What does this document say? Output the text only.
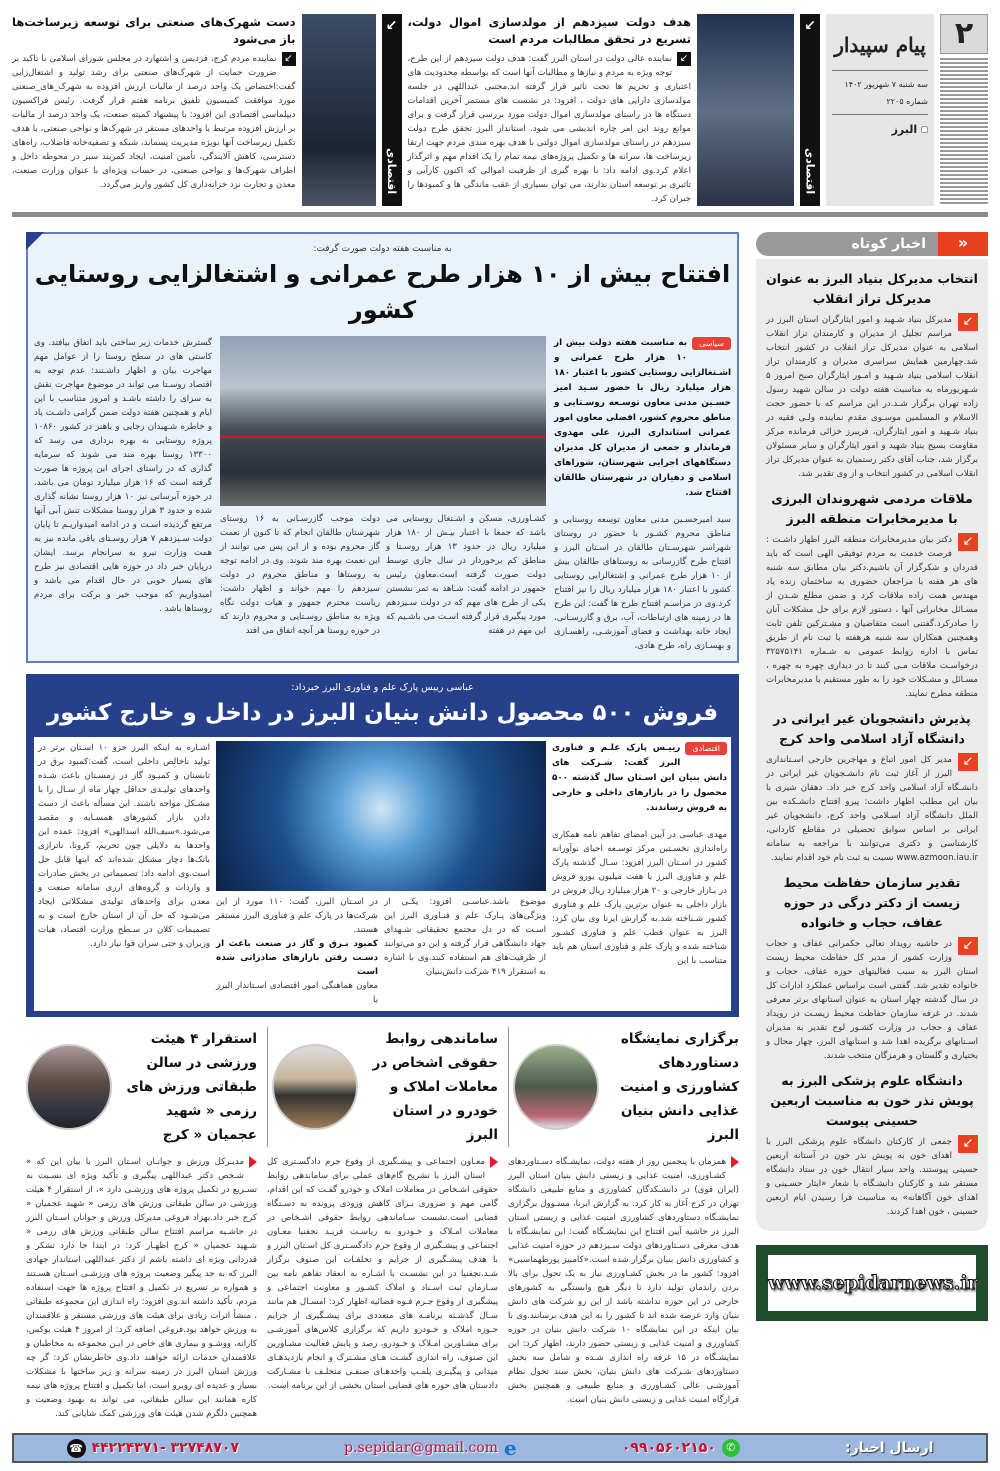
۲
پیام سپیدار
سه شنبه ۷ شهریور ۱۴۰۲
شماره ۲۲۰۵
البرز
↙
اقتصادی
هدف دولت سیزدهم از مولدسازی اموال دولت، تسریع در تحقق مطالبات مردم است
↙
نماینده عالی دولت در استان البرز گفت: هدف دولت سیزدهم از این طرح، توجه ویژه به مردم و نیازها و مطالبات آنها است که بواسطه محدودیت های اعتباری و تحریم ها تحت تاثیر قرار گرفته اند.مجتبی عبداللهی در جلسه مولدسازی دارایی های دولت ، افزود: در نشست های مستمر آخرین اقدامات دستگاه ها در راستای مولدسازی اموال دولت مورد بررسی قرار گرفت و برای موانع روند این امر چاره اندیشی می شود. استاندار البرز تحقق طرح دولت سیزدهم در راستای مولدسازی اموال دولتی با هدف بهره مندی مردم جهت ارتقا زیرساخت ها، سرانه ها و تکمیل پروژه‌های نیمه تمام را یک اقدام مهم و اثرگذار اعلام کرد.وی ادامه داد: با بهره گیری از ظرفیت اموالی که اکنون کارآیی و تاثیری بر توسعه استان ندارند، می توان بسیاری از عقب ماندگی ها و کمبودها را جبران کرد.
↙
اقتصادی
دست شهرک‌های صنعتی برای توسعه زیرساخت‌ها باز می‌شود
↙
نماینده مردم کرج، فردیس و اشتهارد در مجلس شورای اسلامی با تاکید بر ضرورت حمایت از شهرک‌های صنعتی برای رشد تولید و اشتغال‌زایی گفت:اختصاص یک واحد درصد از مالیات ارزش افزوده به شهرک_های_صنعتی مورد موافقت کمیسیون تلفیق برنامه هفتم قرار گرفت. رئیس فراکسیون دیپلماسی اقتصادی این افزود: با پیشنهاد کمیته صنعت، یک واحد درصد از مالیات بر ارزش افزوده مرتبط با واحدهای مستقر در شهرک‌ها و نواحی صنعتی، با هدف تکمیل زیرساخت آنها بویژه مدیریت پسماند، شبکه و تصفیه‌خانه فاضلاب، راه‌های دسترسی، کاهش آلایندگی، تأمین امنیت، ایجاد کمربند سبز در محوطه داخل و اطراف شهرک‌ها و نواحی صنعتی، در حساب ویژه‌ای با عنوان وزارت صنعت، معدن و تجارت نزد خزانه‌داری کل کشور واریز می‌گردد.
«
اخبار کوتاه
انتخاب مدیرکل بنیاد البرز به عنوان مدیرکل تراز انقلاب
↙
مدیرکل بنیاد شـهید و امور ایثارگران استان البرز در مراسم تجلیل از مدیران و کارمندان تراز انقلاب اسلامی به عنوان مدیرکل تراز انقلاب در کشور انتخاب شد.چهارمین همایش سراسری مدیران و کارمندان تراز انقلاب اسلامی بنیاد شـهید و امـور ایثارگران صبح امروز ۵ شـهریورماه به مناسبت هفته دولت در سالن شهید رسول زاده تهران برگزار شـد.در این مراسم که با حضور حجت الاسلام و المسلمین موسـوی مقدم نماینده ولـی فقیه در بنیاد شـهید و امور ایثارگران، فریبرز خزائی فرمانده مرکز مقاومت بسیج بنیاد شهید و امور ایثارگران و سایر مسئولان برگزار شد، جناب آقای دکتر رستمیان به عنوان مدیرکل تراز انقلاب اسلامی در کشور انتخاب و از وی تقدیر شد.
ملاقات مردمی شهروندان البرزی با مدیرمخابرات منطقه البرز
↙
دکتر بیان مدیرمخابرات منطقه البرز اظهار داشـت : فرصت خدمت به مردم توفیقی الهی است که باید قدردان و شکرگزار آن باشیم.دکتر بیان مطابق سه شنبه های هر هفته با مراجعان حضوری به ساختمان زنده یاد مهندس همت زاده ملاقات کرد و ضمن مطلع شـدن از مسـائل مخابراتی آنها ، دستور لازم برای حل مشکلات آنان را صادرکرد.گفتنی است متقاضیان و مشـترکین تلفن ثابت وهمچنین همکاران سه شنبه هرهفته با ثبت نام از طریق تماس با اداره روابط عمومی به شـماره ۳۲۵۷۵۱۴۱ درخواسـت ملاقات مـی کنند تا در دیداری چهره به چهره ، مسـائل و مشـکلات خود را به طور مستقیم با مدیرمخابرات منطقه مطرح نمایند.
پذیرش دانشجویان غیر ایرانی در دانشگاه آزاد اسلامی واحد کرج
↙
مدیر کل امور اتباع و مهاجرین خارجی اسـتانداری البرز از آغاز ثبت نام دانشـجویان غیر ایرانی در دانشـگاه آزاد اسلامی واحد کرج خبر داد. دهقان شیری با بیان این مطلب اظهار داشت: پیرو افتتاح دانشـکده بین الملل دانشگاه آزاد اسـلامی واحد کرج، دانشجویان غیر ایرانی بر اساس سوابق تحصیلی در مقاطع کاردانی، کارشناسی و دکتری می‌توانند با مراجعه به سامانه www.azmoon.iau.ir نسبت به ثبت نام خود اقدام نمایند.
تقدیر سازمان حفاظت محیط زیست از دکتر درگی در حوزه عفاف، حجاب و خانواده
↙
در حاشیه رویداد تعالی حکمرانی عفاف و حجاب وزارت کشور از مدیر کل حفاظت محیط زیست استان البرز به سبب فعالیتهای حوزه عفاف، حجاب و خانواده تقدیر شد. گفتنی است براساس عملکرد ادارات کل در سال گذشته چهار استان به عنوان استانهای برتر معرفی شدند. در غرفه سازمان حفاظت محیط زیسـت در رویداد عفاف و حجاب در وزارت کشـور لوح تقدیر به مدیران اسـتانهای برگزیده اهدا شد و استانهای البرز، چهار محال و بختیاری و گلستان و هرمزگان منتخب شدند.
دانشگاه علوم پزشکی البرز به پویش نذر خون به مناسبت اربعین حسینی پیوست
↙
جمعی از کارکنان دانشگاه علوم پزشکی البرز با اهدای خون به پویش نذر خون در آستانه اربعین حسینی پیوستند. واحد سیار انتقال خون در ستاد دانشگاه مستقر شد و کارکنان دانشـگاه با شعار «ایثار حسـینی و اهدای خون آگاهانه» به مناسبت فرا رسیدن ایام اربعین حسینی ، خون اهدا کردند.
www.sepidarnews.ir
به مناسبت هفته دولت صورت گرفت:
افتتاح بیش از ۱۰ هزار طرح عمرانی و اشتغالزایی روستایی کشور
سیاسی
به مناسبت هفته دولت بیش از ۱۰ هزار طرح عمرانی و اشـتغالزایی روستایی کشور با اعتبار ۱۸۰ هزار میلیارد ریال با حضور سـید امیر حسـین مدنی معاون توسـعه روسـتایی و مناطق محروم کشور، افضلی معاون امور عمرانی استانداری البرز، علی مهدوی فرماندار و جمعی از مدیران کل مدیران دستگاههای اجرایی شهرستان، شوراهای اسلامی و دهیاران در شهرستان طالقان افتتاح شد.
سید امیرحسـین مدنی معاون توسعه روستایی و مناطق محروم کشـور با حضور در روستای شهراسر شهرسـتان طالقان در اسـتان البرز و افتتاح طرح گازرسانی به روستاهای طالقان بیش از ۱۰ هزار طرح عمرانی و اشتغالزایی روستایی کشور با اعتبار ۱۸۰ هزار میلیارد ریال را نیز افتتاح کرد.وی در مراسـم افتتاح طرح ها گفت: این طرح ها در زمینه های ارتباطات، آب، برق و گازرسـانی، ایجاد خانه بهداشت و فضای آموزشـی، راهسـازی و بهسـازی راه، طرح هادی،
کشـاورزی، مسکن و اشـتغال روستایی می باشد که جمعا با اعتبار بیـش از ۱۸۰ هزار میلیارد ریال در حدود ۱۳ هزار روسـتا و مناطق کم برخوردار در سال جاری توسط دولت صورت گرفته است.معاون رئیس جمهور در ادامه گفت: شـاهد به ثمر نشستن یکی از طرح های مهم که در دولت سـیزدهم مورد پیگیری قرار گرفته اسـت می باشـیم که این مهم در هفته
دولت موجب گازرسـانی به ۱۶ روستای شهرستان طالقان انجام که تا کنون از نعمت گاز محروم بوده و از این پس می توانند از این نعمت بهره مند شوند. وی در ادامه توجه به روستاها و مناطق محروم در دولت سیزدهم را مهم خواند و اظهار داشت: ریاست محترم جمهور و هیات دولت نگاه ویژه به مناطق روسـتایی و محروم دارند که در حوزه روستا هر آنچه اتفاق می افتد
گسترش خدمات زیر ساختی باید اتفاق بیافتد. وی کاستی های در سطح روستا را از عوامل مهم مهاجرت بیان و اظهار داشـتند: عدم توجه به اقتصاد روسـتا می تواند در موضوع مهاجرت نقش به سزای را داشته باشـد و امروز متناسب با این ایام و همچنین هفته دولت ضمن گرامی داشـت یاد و خاطره شـهیدان رجایی و باهنر در کشور ۱۰۸۶۰ پروژه روستایی به بهره برداری می رسد که ۱۳۳۰۰ روستا بهره مند می شوند که سرمایه گذاری که در راستای اجرای این پروژه ها صورت گرفته است که ۱۶ هزار میلیارد تومان می باشد. در حوزه آبرسانی نیز ۱۰ هزار روستا نشانه گذاری شده و حدود ۳ هزار روستا مشکلات تنش آبی آنها مرتفع گردیده اسـت و در ادامه امیدواریـم تا پایان دولت سـیزدهم ۷ هزار روسـتای باقی مانده نیز به همت وزارت نیرو به سرانجام برسد. ایشان درپایان خبر داد در حوزه هایی اقتصادی نیز طرح های بسیار خوبی در حال اقدام می باشد و امیدواریم که موجب خیر و برکت برای مردم روستاها باشد .
عباسی رییس پارک علم و فناوری البرز خبرداد:
فروش ۵۰۰ محصول دانش بنیان البرز در داخل و خارج کشور
اقتصادی
رییـس پارک علـم و فناوری البرز گفت: شـرکت های دانش بنیان این اسـتان سال گذشته ۵۰۰ محصول را در بازارهای داخلی و خارجی به فروش رساندند.
مهدی عباسی در آیین امضای تفاهم نامه همکاری راه‌اندازی نخسـتین مرکز توسـعه احیای نوآورانه کشور در اسـتان البرز افزود: سـال گذشته پارک علم و فناوری البرز با هفت میلیون یورو فروش در بـازار خارجی و ۲۰ هزار میلیارد ریال فروش در بازار داخلی به عنوان برترین پارک علم و فناوری کشور شـناخته شد.به گزارش ایرنا وی بیان کرد: البرز به عنوان قطب علم و فناوری کشـور شناخته شده و پارک علم و فناوری استان هم باید متناسب با این
موضوع باشد.عباسـی افزود: یکـی از ویژگی‌های پـارک علم و فنـاوری البرز این اسـت که در دل مجتمع تحقیقاتی شـهدای جهاد دانشگاهی قرار گرفته و این دو می‌توانند از ظرفیت‌های هم استفاده کنند.وی با اشاره به استقرار ۴۱۹ شرکت دانش‌بنیان
در اسـتان البرز، گفت: ۱۱۰ مورد از این شرکت‌ها در پارک علم و فناوری البرز مستقر هستند.
کمبود بـرق و گاز در صنعت باعث از دسـت رفتن بازارهای صادراتی شده است
معاون هماهنگی امور اقتصادی اسـتاندار البرز با
اشـاره به اینکه البرز جزو ۱۰ اسـتان برتر در تولید ناخالص داخلی است، گفت:کمبود برق در تابستان و کمبـود گاز در زمسـتان باعث شـده واحدهای تولیـدی حداقل چهار ماه از سـال را با مشـکل مواجه باشند. این مسأله باعث از دست دادن بازار کشورهای همسـایه و مقصد می‌شود.»سیف‌الله اسدالهی» افزود: عمده این واحدها به دلایلی چون تحریم، کرونا، ناترازی بانک‌ها دچار مشکل شده‌اند که اینها قابل حل است.وی ادامه داد: تصمیماتی در بخش صادرات و واردات و گروه‌های ارزی سامانه صنعت و معدن برای واحدهای تولیدی مشکلاتی ایجاد می‌شـود که حل آن از استان خارج است و به تصمیمات کلان در سـطح وزارت اقتصاد، هیات وزیران و حتی سران قوا نیاز دارد.
برگزاری نمایشگاه دستاوردهای کشاورزی و امنیت غذایی دانش بنیان البرز
همزمان با پنجمین روز از هفته دولت، نمایشـگاه دسـتاوردهای کشـاورزی، امنیت غذایی و زیستی دانش بنیان استان البرز (ایران قوی) در دانشـکدگان کشاورزی و منابع طبیعی دانشگاه تهران در کرج آغاز به کار کرد. به گزارش ایرنا، مسـوول برگزاری نمایشـگاه دستاوردهای کشاورزی امنیت غذایی و زیستی استان البرز در حاشیه آیین افتتاح این نمایشـگاه گفت: این نمایشـگاه با هدف معرفی دسـتاوردهای دولت سـیزدهم در حوزه امنیت غذایی و کشاورزی دانش بنیان برگزار شده است.«کامبیز پورطهماسبی» افزود: کشور ما در بخش کشـاورزی نیاز به یک تحول برای بالا بردن راندمان تولید دارد تا دیگر هیچ وابستگی به کشورهای خارجی در این حوزه نداشته باشد از این رو شرکت های دانش بنیان وارد عرصه شده اند تا کشور را به این هدف برسانند.وی با بیان اینکه در این نمایشگاه ۱۰ شرکت دانش بنیان در حوزه کشاورزی و امنیت غذایی و زیستی حضور دارند، اظهار کرد: این نمایشـگاه در ۱۵ غرفه راه اندازی شـده و شامل سه بخش دستاوردهای شـرکت های دانش بنیان، بخش سند تحول نظام آموزشـی عالی کشـاورزی و منابع طبیعی و همچنین بخش قرارگاه امنیت غذایی و زیستی دانش بنیان است.
ساماندهی روابط حقوقی اشخاص در معاملات املاک و خودرو در استان البرز
معـاون اجتماعی و پیشـگیری از وقوع جرم دادگسـتری کل استان البرز با تشریح گام‌های عملی برای ساماندهی روابط حقوقی اشـخاص در معاملات املاک و خودرو گفـت که این اقدام، گامی مهم و ضروری بـرای کاهش ورودی پرونده به دسـتگاه قضایی است.نشست سـاماندهی روابط حقوقی اشـخاص در معاملات امـلاک و خـودرو به ریاسـت فریـد نجفنیا معـاون اجتماعی و پیشـگیری از وقوع جرم دادگسـتری کل اسـتان البرز و با هدف پیشـگیری از جرایم و تخلفـات این صنوف برگزار شـد.نجفنیا در این نشسـت با اشـاره به انعقاد تفاهم نامه بین سـازمان ثبت اسـناد و املاک کشـور و معاونت اجتماعی و پیشگیری از وقوع جـرم قـوه قضائیه اظهار کرد: امسـال هم مانند سـال گذشـته برنامـه های متعددی برای پیشـگیری از جرایم حـوزه املاک و خـودرو داریم که برگزاری کلاس‌های آموزشـی برای مشـاورین امـلاک و خـودرو، رصد و پایش فعالیت مشـاورین این صنوف، راه اندازی گشـت هـای مشـترک و انجام بازدیدهـای میدانی و پیگیـری پلمـپ واحدهـای صنفـی متخلـف با مشـارکت دادستان های حوزه های قضایی استان بخشی از این برنامه است.
استقرار ۴ هیئت ورزشی در سالن طبقاتی ورزش های رزمی « شهید عجمیان « کرج
مدیـرکل ورزش و جوانـان اسـتان البرز با بیان این که « شـخص دکتر عبداللهی پیگیری و تأکید ویژه ای نسـبت به تسـریع در تکمیل پروژه های ورزشـی دارد »، از استقرار ۴ هیئت ورزشی در سالن طبقاتی ورزش های رزمی « شهید عجمیان « کرج خبر داد.بهزاد فروغی مدیرکل ورزش و جوانان اسـتان البرز در حاشـیه مراسم افتتاح سالن طبقاتی ورزش های رزمی « شـهید عجمیان « کرج اظهـار کرد: در ابتدا جا دارد تشکر و قدردانی ویژه ای داشته باشم از دکتر عبداللهی استاندار جهادی البرز که به جد پیگیر وضعیت پروژه های ورزشـی اسـتان هسـتند و همواره بر تسریع در تکمیل و افتتاح پروژه ها جهت استفاده مردم، تأکید داشته اند.وی افزود: راه اندازی این مجموعه طبقاتی ، منشأ اثرات زیادی برای هیئت های ورزشی مستقر و علاقمندان به ورزش خواهد بود.فروغی اضافه کرد: از امروز ۴ هیئت بوکس، کاراته، ووشـو و بیماری های خاص در ایـن مجموعه به مخاطبان و علاقمندان خدمات ارائه خواهند داد.وی خاطرنشان کرد: گر چه ورزش استان البرز در زمینه سرانه و زیر ساختها با مشکلات بسیار و عدیده ای روبرو است، اما تکمیل و افتتاح پروژه های نیمه کاره همانند این سالن طبقاتی، می تواند به بهبود وضعیت و همچنین دلگرم شدن هیئت های ورزشی کمک شایانی کند.
ارسال اخبار:
✆
۰۹۹۰۵۶۰۲۱۵۰
e
p.sepidar@gmail.com
۳۲۷۴۸۷۰۷ -۴۴۲۲۴۳۷۱
☎
